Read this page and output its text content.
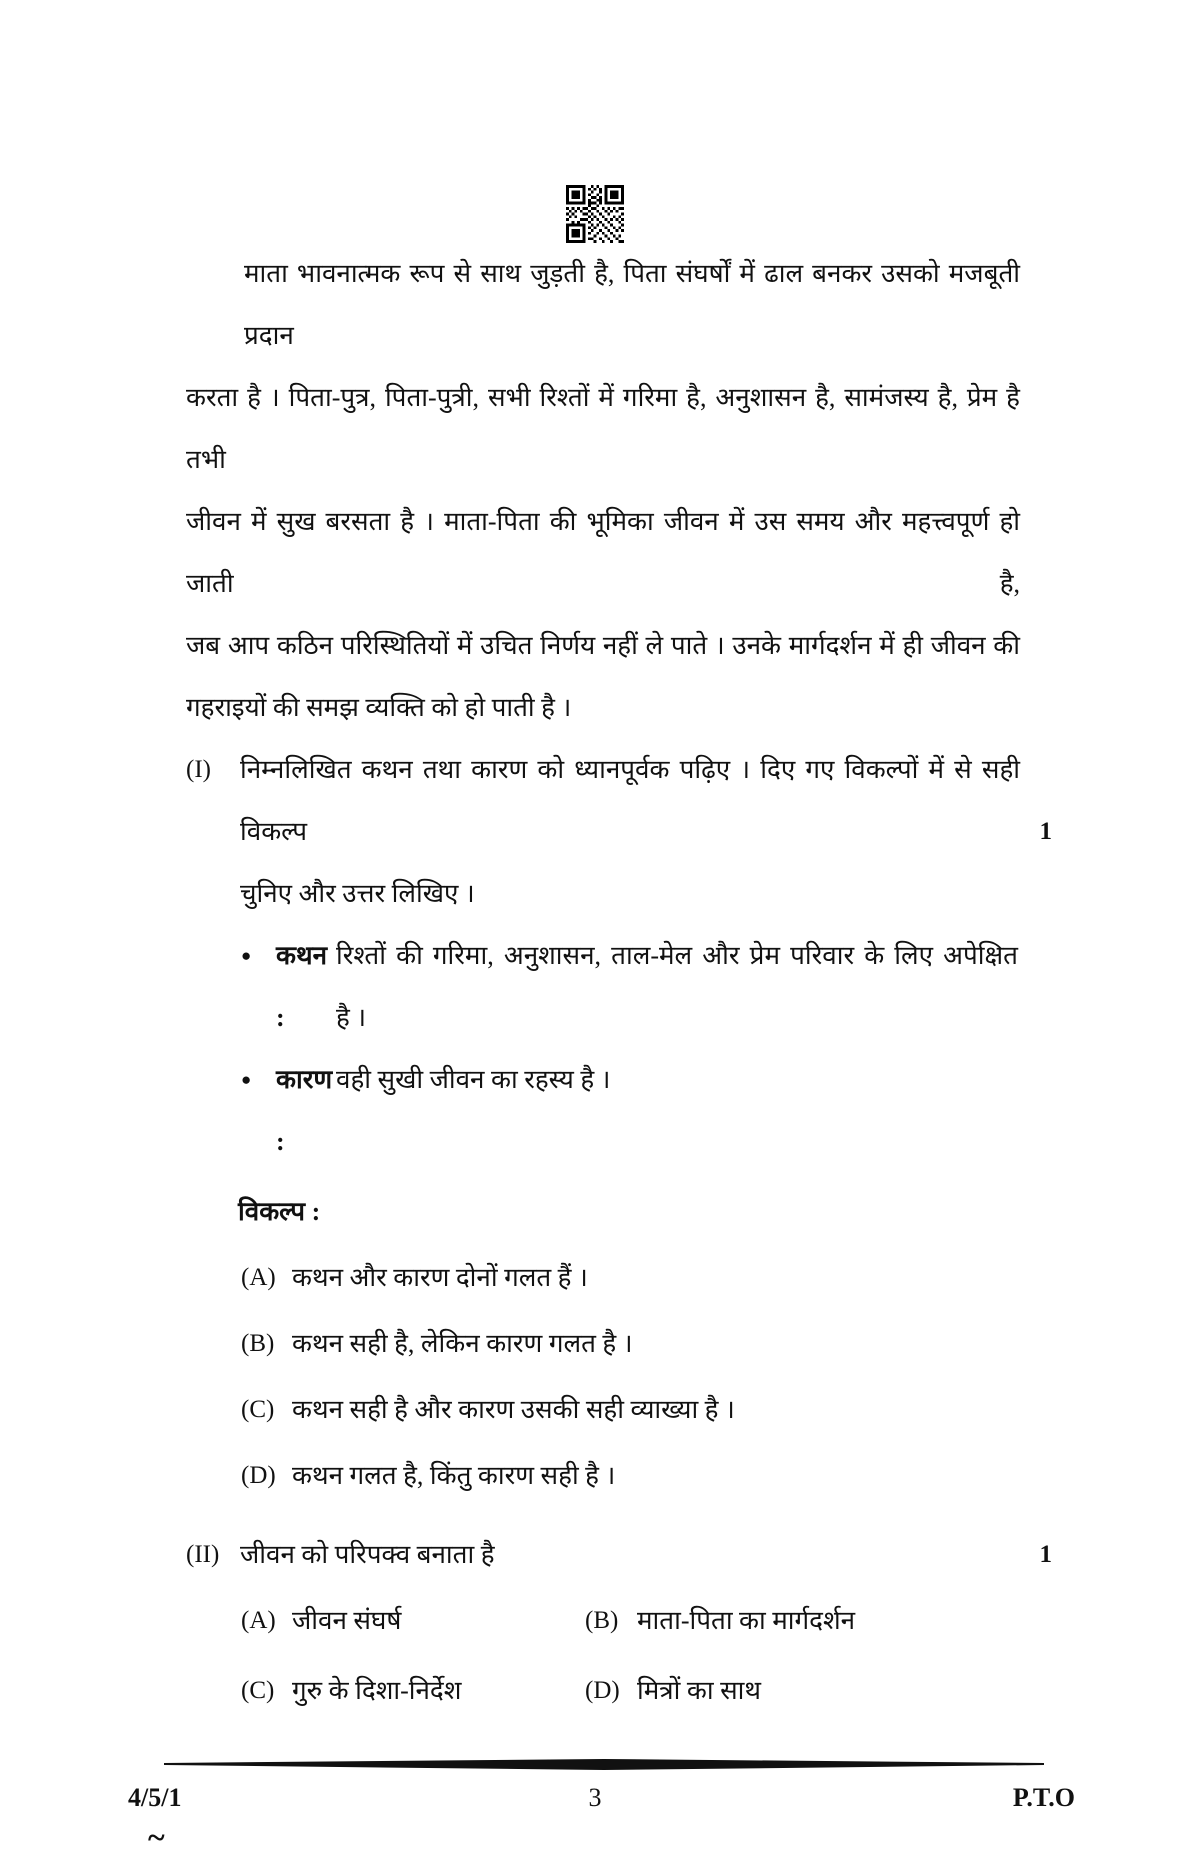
माता भावनात्मक रूप से साथ जुड़ती है, पिता संघर्षों में ढाल बनकर उसको मजबूती प्रदान
करता है । पिता-पुत्र, पिता-पुत्री, सभी रिश्तों में गरिमा है, अनुशासन है, सामंजस्य है, प्रेम है तभी
जीवन में सुख बरसता है । माता-पिता की भूमिका जीवन में उस समय और महत्त्वपूर्ण हो जाती है,
जब आप कठिन परिस्थितियों में उचित निर्णय नहीं ले पाते । उनके मार्गदर्शन में ही जीवन की
गहराइयों की समझ व्यक्ति को हो पाती है ।
1
(I)	निम्नलिखित कथन तथा कारण को ध्यानपूर्वक पढ़िए । दिए गए विकल्पों में से सही विकल्प
चुनिए और उत्तर लिखिए ।
● कथन :
रिश्तों की गरिमा, अनुशासन, ताल-मेल और प्रेम परिवार के लिए अपेक्षित
है ।
● कारण :
वही सुखी जीवन का रहस्य है ।
विकल्प :
(A) कथन और कारण दोनों गलत हैं ।
(B) कथन सही है, लेकिन कारण गलत है ।
(C) कथन सही है और कारण उसकी सही व्याख्या है ।
(D) कथन गलत है, किंतु कारण सही है ।
1
(II) जीवन को परिपक्व बनाता है
(A) जीवन संघर्ष	(B) माता-पिता का मार्गदर्शन
(C) गुरु के दिशा-निर्देश	(D) मित्रों का साथ
4/5/1	3	P.T.O
~
